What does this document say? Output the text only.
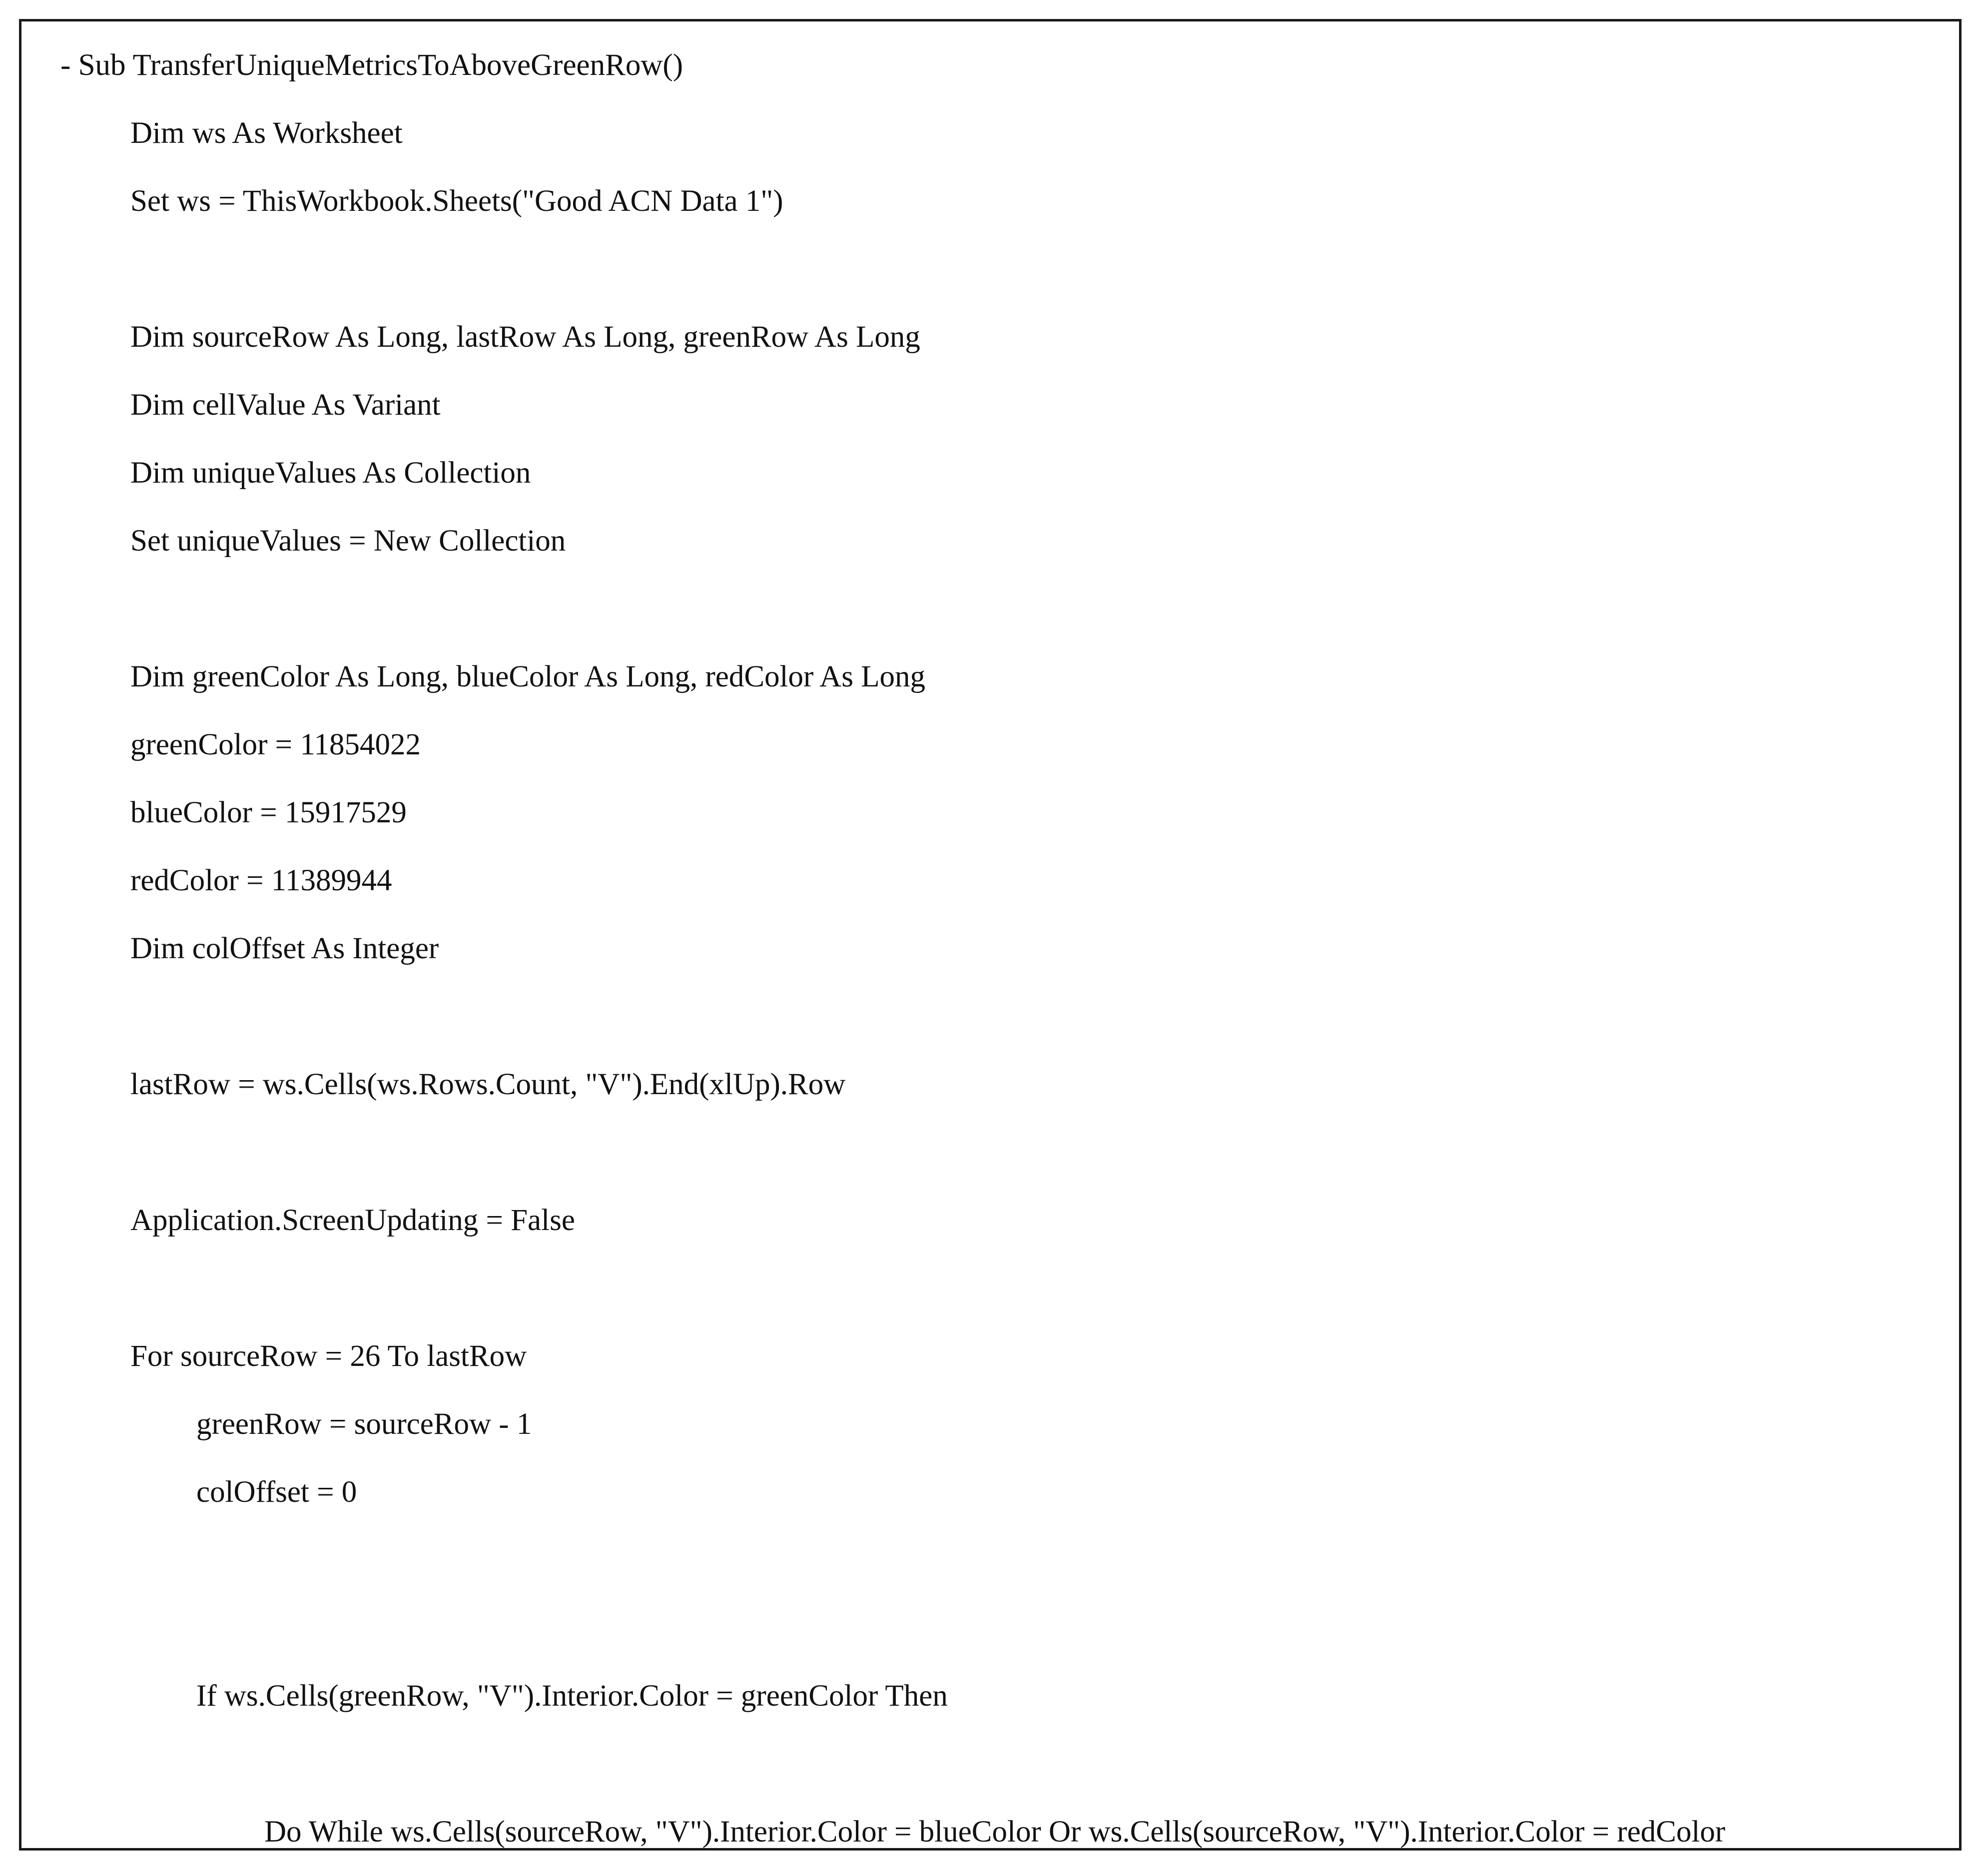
- Sub TransferUniqueMetricsToAboveGreenRow()
Dim ws As Worksheet
Set ws = ThisWorkbook.Sheets("Good ACN Data 1")
Dim sourceRow As Long, lastRow As Long, greenRow As Long
Dim cellValue As Variant
Dim uniqueValues As Collection
Set uniqueValues = New Collection
Dim greenColor As Long, blueColor As Long, redColor As Long
greenColor = 11854022
blueColor = 15917529
redColor = 11389944
Dim colOffset As Integer
lastRow = ws.Cells(ws.Rows.Count, "V").End(xlUp).Row
Application.ScreenUpdating = False
For sourceRow = 26 To lastRow
greenRow = sourceRow - 1
colOffset = 0
If ws.Cells(greenRow, "V").Interior.Color = greenColor Then
Do While ws.Cells(sourceRow, "V").Interior.Color = blueColor Or ws.Cells(sourceRow, "V").Interior.Color = redColor
